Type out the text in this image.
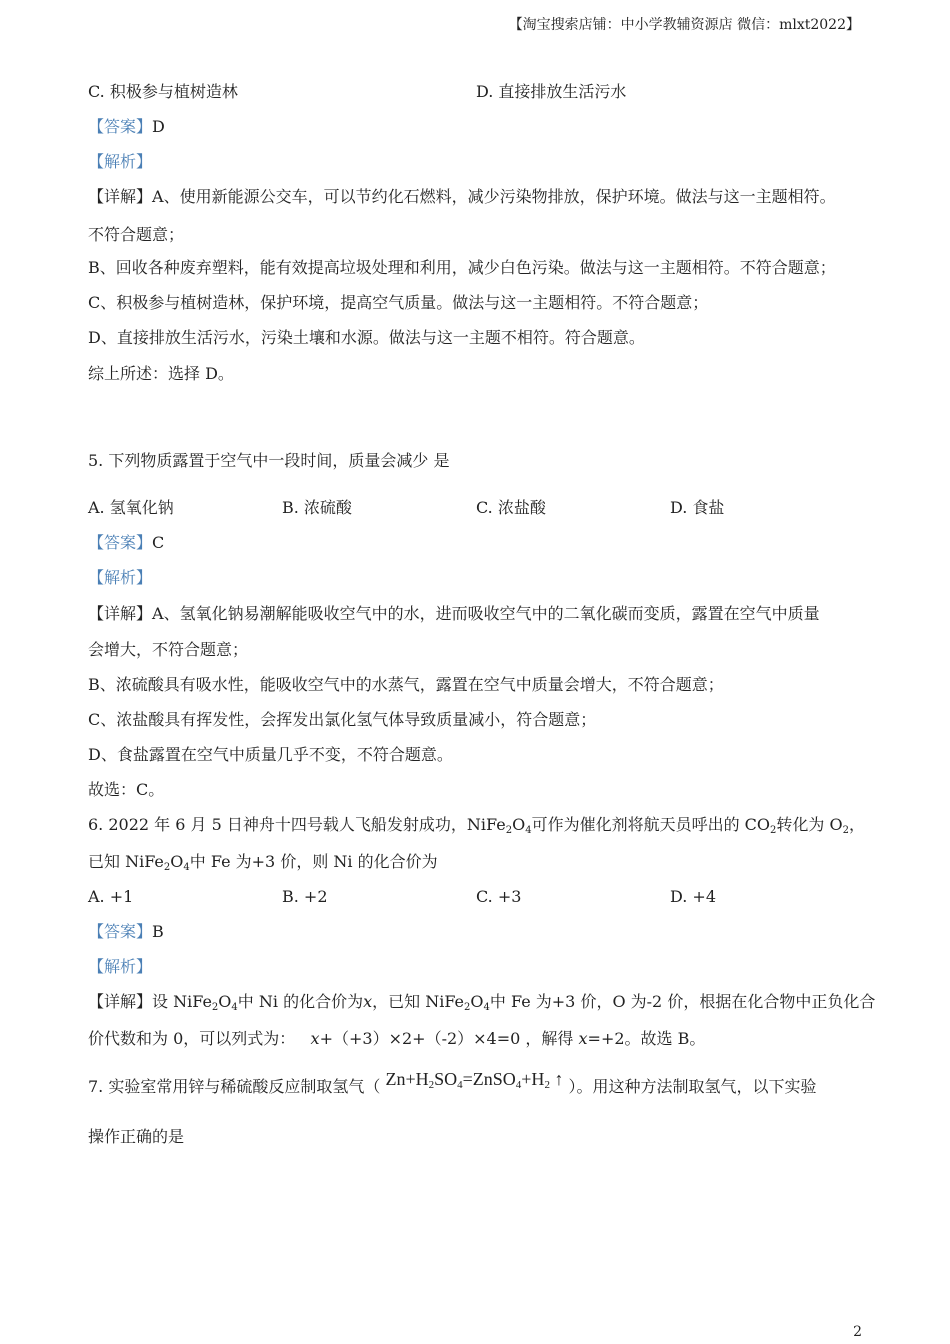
【淘宝搜索店铺：中小学教辅资源店 微信：mlxt2022】
C. 积极参与植树造林	D. 直接排放生活污水
【答案】D
【解析】
【详解】A、使用新能源公交车，可以节约化石燃料，减少污染物排放，保护环境。做法与这一主题相符。
不符合题意；
B、回收各种废弃塑料，能有效提高垃圾处理和利用，减少白色污染。做法与这一主题相符。不符合题意；
C、积极参与植树造林，保护环境，提高空气质量。做法与这一主题相符。不符合题意；
D、直接排放生活污水，污染土壤和水源。做法与这一主题不相符。符合题意。
综上所述：选择 D。
5. 下列物质露置于空气中一段时间，质量会减少 是
A. 氢氧化钠	B. 浓硫酸	C. 浓盐酸	D. 食盐
【答案】C
【解析】
【详解】A、氢氧化钠易潮解能吸收空气中的水，进而吸收空气中的二氧化碳而变质，露置在空气中质量
会增大，不符合题意；
B、浓硫酸具有吸水性，能吸收空气中的水蒸气，露置在空气中质量会增大，不符合题意；
C、浓盐酸具有挥发性，会挥发出氯化氢气体导致质量减小，符合题意；
D、食盐露置在空气中质量几乎不变，不符合题意。
故选：C。
6. 2022 年 6 月 5 日神舟十四号载人飞船发射成功，$NiFe_2O_4$可作为催化剂将航天员呼出的 $CO_2$转化为 $O_2$，
已知 $NiFe_2O_4$中 Fe 为+3 价，则 Ni 的化合价为
A. +1	B. +2	C. +3	D. +4
【答案】B
【解析】
【详解】设 $NiFe_2O_4$中 Ni 的化合价为x，已知 $NiFe_2O_4$中 Fe 为+3 价，O 为-2 价，根据在化合物中正负化合
价代数和为 0，可以列式为： x+（+3）×2+（-2）×4=0 ，解得 x=+2。故选 B。
7. 实验室常用锌与稀硫酸反应制取氢气（ $Zn+H_2SO_4=ZnSO_4+H_2$ ↑ ）。用这种方法制取氢气，以下实验
操作正确的是
2
